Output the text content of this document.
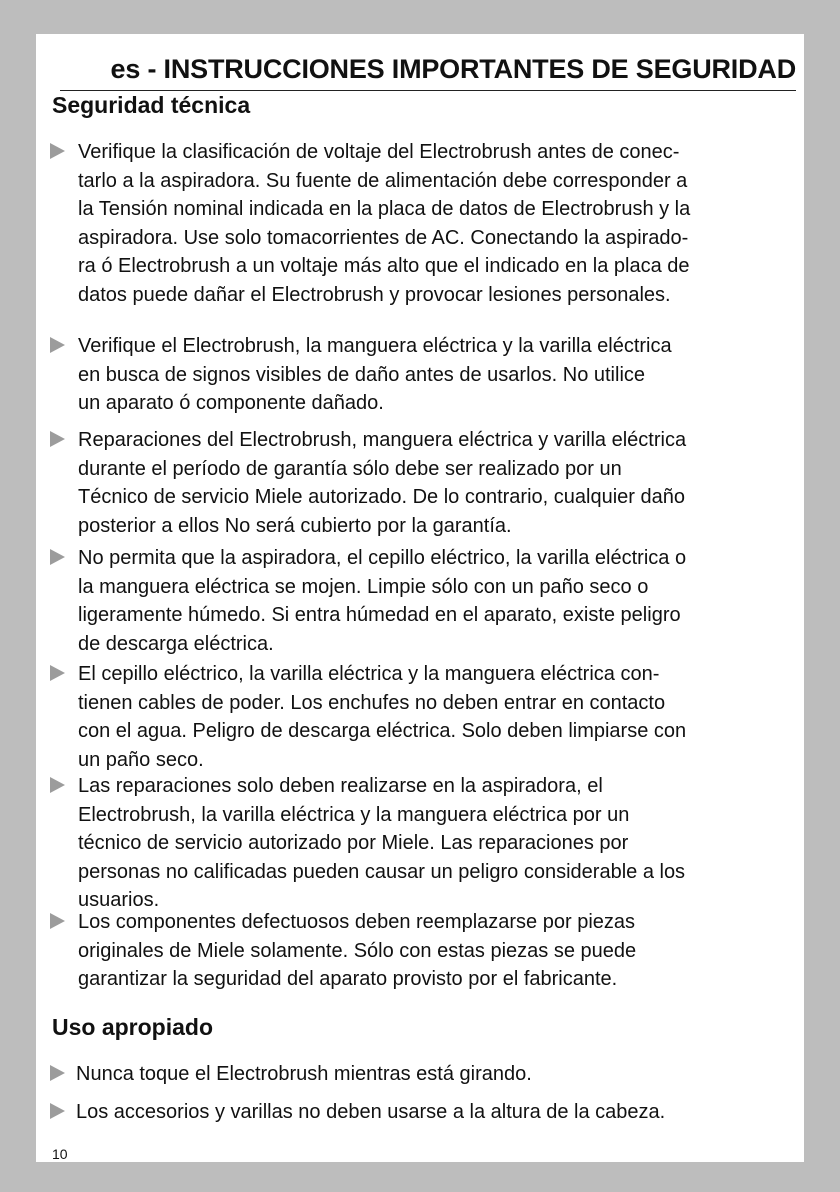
es - INSTRUCCIONES IMPORTANTES DE SEGURIDAD
Seguridad técnica
Verifique la clasificación de voltaje del Electrobrush antes de conec-
tarlo a la aspiradora. Su fuente de alimentación debe corresponder a
la Tensión nominal indicada en la placa de datos de Electrobrush y la
aspiradora. Use solo tomacorrientes de AC. Conectando la aspirado-
ra ó Electrobrush a un voltaje más alto que el indicado en la placa de
datos puede dañar el Electrobrush y provocar lesiones personales.
Verifique el Electrobrush, la manguera eléctrica y la varilla eléctrica
en busca de signos visibles de daño antes de usarlos. No utilice
un aparato ó componente dañado.
Reparaciones del Electrobrush, manguera eléctrica y varilla eléctrica
durante el período de garantía sólo debe ser realizado por un
Técnico de servicio Miele autorizado. De lo contrario, cualquier daño
posterior a ellos No será cubierto por la garantía.
No permita que la aspiradora, el cepillo eléctrico, la varilla eléctrica o
la manguera eléctrica se mojen. Limpie sólo con un paño seco o
ligeramente húmedo. Si entra húmedad en el aparato, existe peligro
de descarga eléctrica.
El cepillo eléctrico, la varilla eléctrica y la manguera eléctrica con-
tienen cables de poder. Los enchufes no deben entrar en contacto
con el agua. Peligro de descarga eléctrica. Solo deben limpiarse con
un paño seco.
Las reparaciones solo deben realizarse en la aspiradora, el
Electrobrush, la varilla eléctrica y la manguera eléctrica por un
técnico de servicio autorizado por Miele. Las reparaciones por
personas no calificadas pueden causar un peligro considerable a los
usuarios.
Los componentes defectuosos deben reemplazarse por piezas
originales de Miele solamente. Sólo con estas piezas se puede
garantizar la seguridad del aparato provisto por el fabricante.
Uso apropiado
Nunca toque el Electrobrush mientras está girando.
Los accesorios y varillas no deben usarse a la altura de la cabeza.
10
